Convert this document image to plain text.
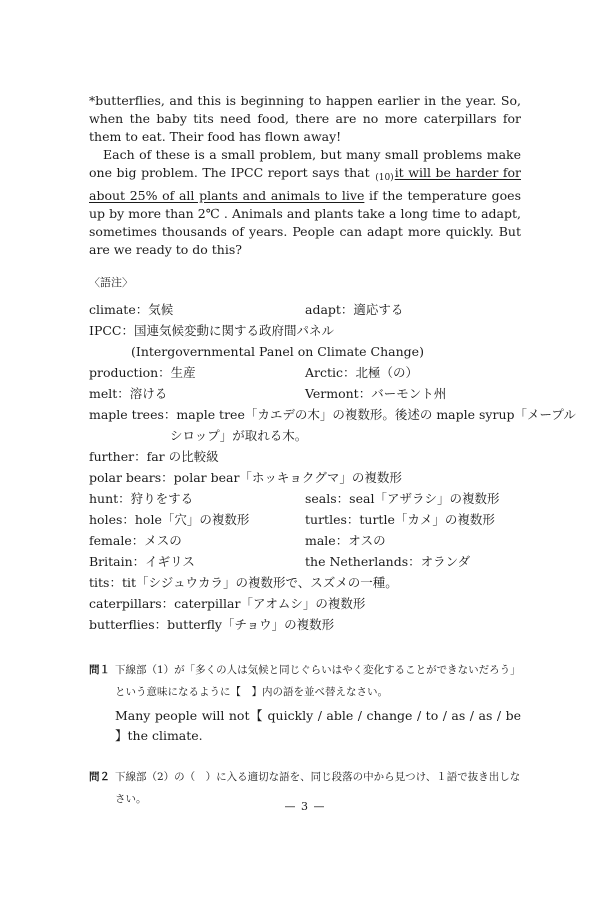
*butterflies, and this is beginning to happen earlier in the year. So, when the baby tits need food, there are no more caterpillars for them to eat. Their food has flown away!

Each of these is a small problem, but many small problems make one big problem. The IPCC report says that $_{(10)}$it will be harder for about 25% of all plants and animals to live if the temperature goes up by more than 2℃ . Animals and plants take a long time to adapt, sometimes thousands of years. People can adapt more quickly. But are we ready to do this?

〈語注〉
climate：気候	adapt：適応する
IPCC：国連気候変動に関する政府間パネル
(Intergovernmental Panel on Climate Change)
production：生産	Arctic：北極（の）
melt：溶ける	Vermont：バーモント州
maple trees：maple tree「カエデの木」の複数形。後述の maple syrup「メープル
シロップ」が取れる木。
further：far の比較級
polar bears：polar bear「ホッキョクグマ」の複数形
hunt：狩りをする	seals：seal「アザラシ」の複数形
holes：hole「穴」の複数形	turtles：turtle「カメ」の複数形
female：メスの	male：オスの
Britain：イギリス	the Netherlands：オランダ
tits：tit「シジュウカラ」の複数形で、スズメの一種。
caterpillars：caterpillar「アオムシ」の複数形
butterflies：butterfly「チョウ」の複数形
問１ 下線部（1）が「多くの人は気候と同じぐらいはやく変化することができないだろう」という意味になるように【　】内の語を並べ替えなさい。
Many people will not【 quickly / able / change / to / as / as / be 】the climate.
問２ 下線部（2）の（　）に入る適切な語を、同じ段落の中から見つけ、１語で抜き出しなさい。
— 3 —
